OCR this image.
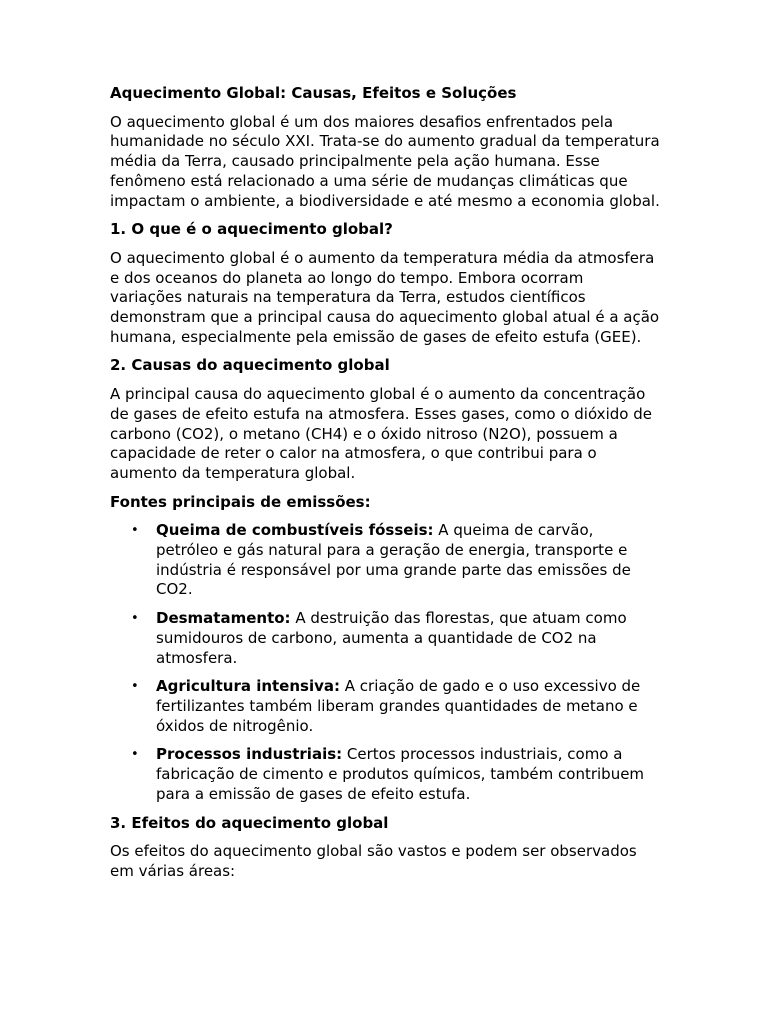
Aquecimento Global: Causas, Efeitos e Soluções

O aquecimento global é um dos maiores desafios enfrentados pela humanidade no século XXI. Trata-se do aumento gradual da temperatura média da Terra, causado principalmente pela ação humana. Esse fenômeno está relacionado a uma série de mudanças climáticas que impactam o ambiente, a biodiversidade e até mesmo a economia global.

1. O que é o aquecimento global?

O aquecimento global é o aumento da temperatura média da atmosfera e dos oceanos do planeta ao longo do tempo. Embora ocorram variações naturais na temperatura da Terra, estudos científicos demonstram que a principal causa do aquecimento global atual é a ação humana, especialmente pela emissão de gases de efeito estufa (GEE).

2. Causas do aquecimento global

A principal causa do aquecimento global é o aumento da concentração de gases de efeito estufa na atmosfera. Esses gases, como o dióxido de carbono (CO2), o metano (CH4) e o óxido nitroso (N2O), possuem a capacidade de reter o calor na atmosfera, o que contribui para o aumento da temperatura global.

Fontes principais de emissões:
• Queima de combustíveis fósseis: A queima de carvão, petróleo e gás natural para a geração de energia, transporte e indústria é responsável por uma grande parte das emissões de CO2.
• Desmatamento: A destruição das florestas, que atuam como sumidouros de carbono, aumenta a quantidade de CO2 na atmosfera.
• Agricultura intensiva: A criação de gado e o uso excessivo de fertilizantes também liberam grandes quantidades de metano e óxidos de nitrogênio.
• Processos industriais: Certos processos industriais, como a fabricação de cimento e produtos químicos, também contribuem para a emissão de gases de efeito estufa.
3. Efeitos do aquecimento global

Os efeitos do aquecimento global são vastos e podem ser observados em várias áreas:
